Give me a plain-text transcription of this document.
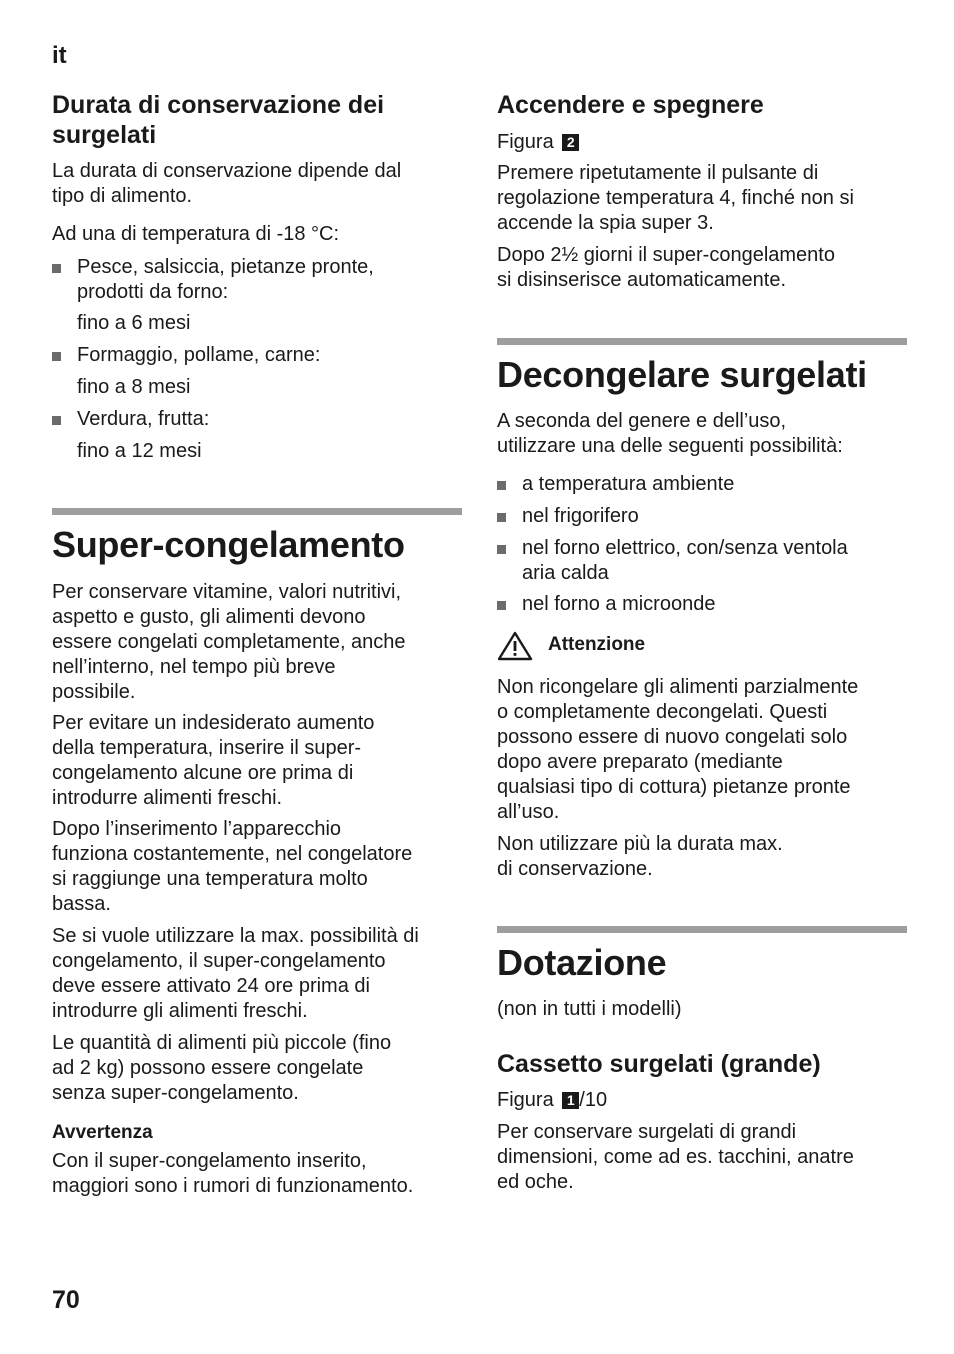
it

Durata di conservazione dei
surgelati

La durata di conservazione dipende dal
tipo di alimento.

Ad una di temperatura di -18 °C:

Pesce, salsiccia, pietanze pronte,
prodotti da forno:

fino a 6 mesi

Formaggio, pollame, carne:

fino a 8 mesi

Verdura, frutta:

fino a 12 mesi

Super-congelamento

Per conservare vitamine, valori nutritivi,
aspetto e gusto, gli alimenti devono
essere congelati completamente, anche
nell’interno, nel tempo più breve
possibile.

Per evitare un indesiderato aumento
della temperatura, inserire il super-
congelamento alcune ore prima di
introdurre alimenti freschi.

Dopo l’inserimento l’apparecchio
funziona costantemente, nel congelatore
si raggiunge una temperatura molto
bassa.

Se si vuole utilizzare la max. possibilità di
congelamento, il super-congelamento
deve essere attivato 24 ore prima di
introdurre gli alimenti freschi.

Le quantità di alimenti più piccole (fino
ad 2 kg) possono essere congelate
senza super-congelamento.

Avvertenza

Con il super-congelamento inserito,
maggiori sono i rumori di funzionamento.

Accendere e spegnere

Figura 2

Premere ripetutamente il pulsante di
regolazione temperatura 4, finché non si
accende la spia super 3.

Dopo 2½ giorni il super-congelamento
si disinserisce automaticamente.

Decongelare surgelati

A seconda del genere e dell’uso,
utilizzare una delle seguenti possibilità:

a temperatura ambiente
nel frigorifero
nel forno elettrico, con/senza ventola
aria calda
nel forno a microonde

Attenzione

Non ricongelare gli alimenti parzialmente
o completamente decongelati. Questi
possono essere di nuovo congelati solo
dopo avere preparato (mediante
qualsiasi tipo di cottura) pietanze pronte
all’uso.

Non utilizzare più la durata max.
di conservazione.

Dotazione

(non in tutti i modelli)

Cassetto surgelati (grande)

Figura 1 /10

Per conservare surgelati di grandi
dimensioni, come ad es. tacchini, anatre
ed oche.

70
